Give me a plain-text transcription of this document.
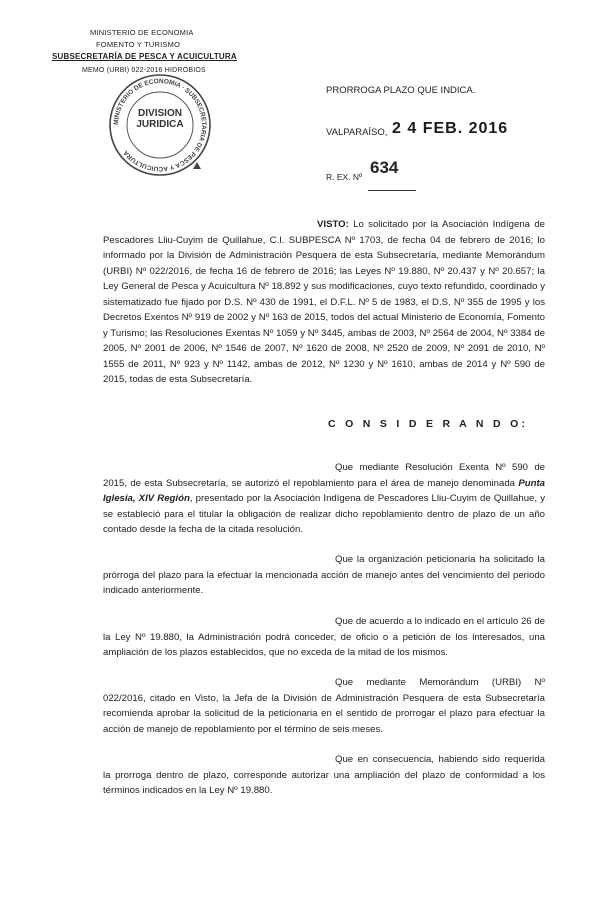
MINISTERIO DE ECONOMIA
FOMENTO Y TURISMO
SUBSECRETARÍA DE PESCA Y ACUICULTURA
MEMO (URBI) 022-2016 HIDROBIOS
MINISTERIO DE ECONOMIA · SUBSECRETARIA DE PESCA Y ACUICULTURA
DIVISION
JURIDICA
PRORROGA PLAZO QUE INDICA.
VALPARAÍSO, 2 4 FEB. 2016
R. EX. Nº 634
VISTO: Lo solicitado por la Asociación Indígena de Pescadores Lliu-Cuyim de Quillahue, C.I. SUBPESCA Nº 1703, de fecha 04 de febrero de 2016; lo informado por la División de Administración Pesquera de esta Subsecretaría, mediante Memorándum (URBI) Nº 022/2016, de fecha 16 de febrero de 2016; las Leyes Nº 19.880, Nº 20.437 y Nº 20.657; la Ley General de Pesca y Acuicultura Nº 18.892 y sus modificaciones, cuyo texto refundido, coordinado y sistematizado fue fijado por D.S. Nº 430 de 1991, el D.F.L. Nº 5 de 1983, el D.S. Nº 355 de 1995 y los Decretos Exentos Nº 919 de 2002 y Nº 163 de 2015, todos del actual Ministerio de Economía, Fomento y Turismo; las Resoluciones Exentas Nº 1059 y Nº 3445, ambas de 2003, Nº 2564 de 2004, Nº 3384 de 2005, Nº 2001 de 2006, Nº 1546 de 2007, Nº 1620 de 2008, Nº 2520 de 2009, Nº 2091 de 2010, Nº 1555 de 2011, Nº 923 y Nº 1142, ambas de 2012, Nº 1230 y Nº 1610, ambas de 2014 y Nº 590 de 2015, todas de esta Subsecretaría.
C O N S I D E R A N D O:
Que mediante Resolución Exenta Nº 590 de 2015, de esta Subsecretaría, se autorizó el repoblamiento para el área de manejo denominada Punta Iglesia, XIV Región, presentado por la Asociación Indígena de Pescadores Lliu-Cuyim de Quillahue, y se estableció para el titular la obligación de realizar dicho repoblamiento dentro de plazo de un año contado desde la fecha de la citada resolución.
Que la organización peticionaria ha solicitado la prórroga del plazo para la efectuar la mencionada acción de manejo antes del vencimiento del periodo indicado anteriormente.
Que de acuerdo a lo indicado en el artículo 26 de la Ley Nº 19.880, la Administración podrá conceder, de oficio o a petición de los interesados, una ampliación de los plazos establecidos, que no exceda de la mitad de los mismos.
Que mediante Memorándum (URBI) Nº 022/2016, citado en Visto, la Jefa de la División de Administración Pesquera de esta Subsecretaría recomienda aprobar la solicitud de la peticionaria en el sentido de prorrogar el plazo para efectuar la acción de manejo de repoblamiento por el término de seis meses.
Que en consecuencia, habiendo sido requerida la prorroga dentro de plazo, corresponde autorizar una ampliación del plazo de conformidad a los términos indicados en la Ley Nº 19.880.
